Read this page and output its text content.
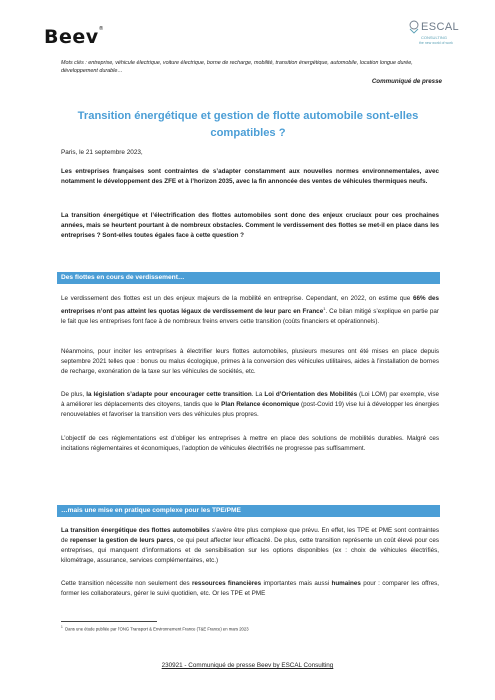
Beev®	ESCAL
CONSULTING
the new world of work
Mots clés : entreprise, véhicule électrique, voiture électrique, borne de recharge, mobilité, transition énergétique, automobile, location longue durée, développement durable…
Communiqué de presse
Transition énergétique et gestion de flotte automobile sont-elles compatibles ?
Paris, le 21 septembre 2023,
Les entreprises françaises sont contraintes de s’adapter constamment aux nouvelles normes environnementales, avec notamment le développement des ZFE et à l’horizon 2035, avec la fin annoncée des ventes de véhicules thermiques neufs.
La transition énergétique et l’électrification des flottes automobiles sont donc des enjeux cruciaux pour ces prochaines années, mais se heurtent pourtant à de nombreux obstacles. Comment le verdissement des flottes se met-il en place dans les entreprises ? Sont-elles toutes égales face à cette question ?
Des flottes en cours de verdissement…
Le verdissement des flottes est un des enjeux majeurs de la mobilité en entreprise. Cependant, en 2022, on estime que 66% des entreprises n’ont pas atteint les quotas légaux de verdissement de leur parc en France$^1$. Ce bilan mitigé s’explique en partie par le fait que les entreprises font face à de nombreux freins envers cette transition (coûts financiers et opérationnels).
Néanmoins, pour inciter les entreprises à électrifier leurs flottes automobiles, plusieurs mesures ont été mises en place depuis septembre 2021 telles que : bonus ou malus écologique, primes à la conversion des véhicules utilitaires, aides à l’installation de bornes de recharge, exonération de la taxe sur les véhicules de sociétés, etc.
De plus, la législation s’adapte pour encourager cette transition. La Loi d’Orientation des Mobilités (Loi LOM) par exemple, vise à améliorer les déplacements des citoyens, tandis que le Plan Relance économique (post-Covid 19) vise lui à développer les énergies renouvelables et favoriser la transition vers des véhicules plus propres.
L’objectif de ces réglementations est d’obliger les entreprises à mettre en place des solutions de mobilités durables. Malgré ces incitations réglementaires et économiques, l’adoption de véhicules électrifiés ne progresse pas suffisamment.
…mais une mise en pratique complexe pour les TPE/PME
La transition énergétique des flottes automobiles s’avère être plus complexe que prévu. En effet, les TPE et PME sont contraintes de repenser la gestion de leurs parcs, ce qui peut affecter leur efficacité. De plus, cette transition représente un coût élevé pour ces entreprises, qui manquent d’informations et de sensibilisation sur les options disponibles (ex : choix de véhicules électrifiés, kilométrage, assurance, services complémentaires, etc.)
Cette transition nécessite non seulement des ressources financières importantes mais aussi humaines pour : comparer les offres, former les collaborateurs, gérer le suivi quotidien, etc. Or les TPE et PME
$^1$ Dans une étude publiée par l’ONG Transport & Environnement France (T&E France) en mars 2023
230921 - Communiqué de presse Beev by ESCAL Consulting
